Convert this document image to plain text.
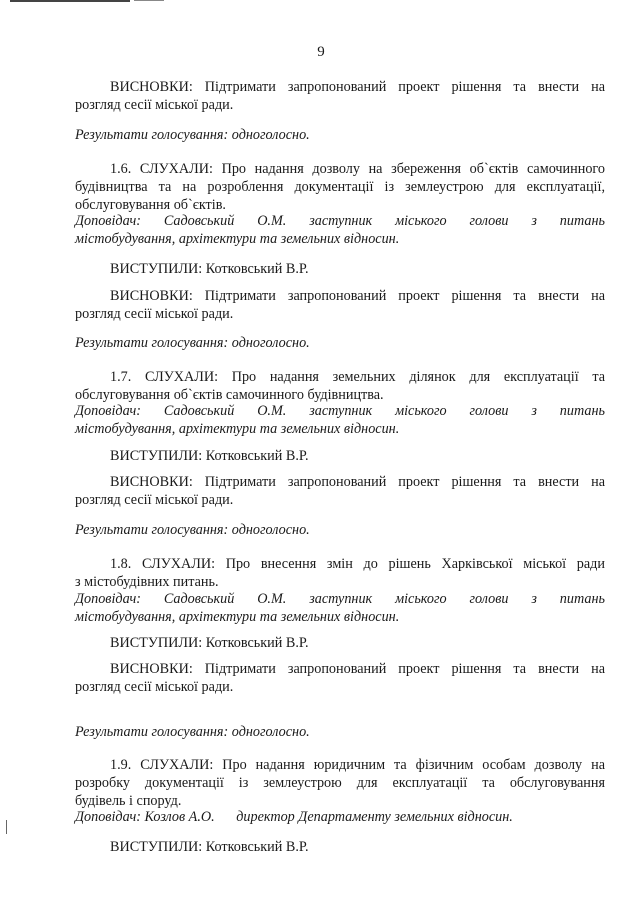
9
ВИСНОВКИ: Підтримати запропонований проект рішення та внести на
розгляд сесії міської ради.
Результати голосування: одноголосно.
1.6. СЛУХАЛИ: Про надання дозволу на збереження об`єктів самочинного
будівництва та на розроблення документації із землеустрою для експлуатації,
обслуговування об`єктів.
Доповідач: Садовський О.М. заступник міського голови з питань
містобудування, архітектури та земельних відносин.
ВИСТУПИЛИ: Котковський В.Р.
ВИСНОВКИ: Підтримати запропонований проект рішення та внести на
розгляд сесії міської ради.
Результати голосування: одноголосно.
1.7. СЛУХАЛИ: Про надання земельних ділянок для експлуатації та
обслуговування об`єктів самочинного будівництва.
Доповідач: Садовський О.М. заступник міського голови з питань
містобудування, архітектури та земельних відносин.
ВИСТУПИЛИ: Котковський В.Р.
ВИСНОВКИ: Підтримати запропонований проект рішення та внести на
розгляд сесії міської ради.
Результати голосування: одноголосно.
1.8. СЛУХАЛИ: Про внесення змін до рішень Харківської міської ради
з містобудівних питань.
Доповідач: Садовський О.М. заступник міського голови з питань
містобудування, архітектури та земельних відносин.
ВИСТУПИЛИ: Котковський В.Р.
ВИСНОВКИ: Підтримати запропонований проект рішення та внести на
розгляд сесії міської ради.
Результати голосування: одноголосно.
1.9. СЛУХАЛИ: Про надання юридичним та фізичним особам дозволу на
розробку документації із землеустрою для експлуатації та обслуговування
будівель і споруд.
Доповідач: Козлов А.О. директор Департаменту земельних відносин.
ВИСТУПИЛИ: Котковський В.Р.
